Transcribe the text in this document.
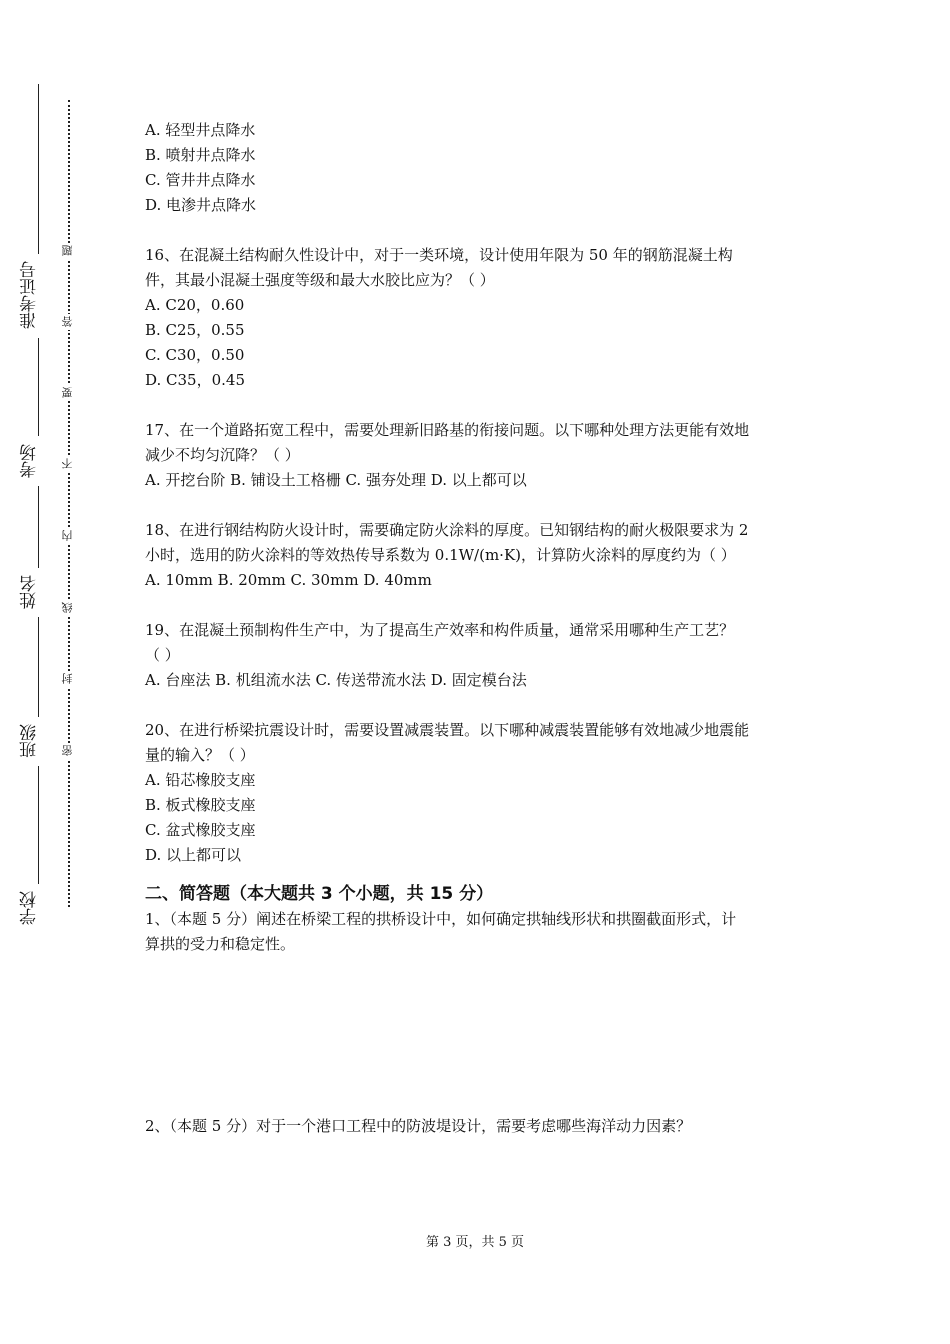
准考证号
考场
姓名
班级
学校
题
答
要
不
内
线
封
密
A. 轻型井点降水
B. 喷射井点降水
C. 管井井点降水
D. 电渗井点降水
16、在混凝土结构耐久性设计中，对于一类环境，设计使用年限为 50 年的钢筋混凝土构
件，其最小混凝土强度等级和最大水胶比应为？（ ）
A. C20，0.60
B. C25，0.55
C. C30，0.50
D. C35，0.45
17、在一个道路拓宽工程中，需要处理新旧路基的衔接问题。以下哪种处理方法更能有效地
减少不均匀沉降？（ ）
A. 开挖台阶 B. 铺设土工格栅 C. 强夯处理 D. 以上都可以
18、在进行钢结构防火设计时，需要确定防火涂料的厚度。已知钢结构的耐火极限要求为 2
小时，选用的防火涂料的等效热传导系数为 0.1W/(m·K)，计算防火涂料的厚度约为（ ）
A. 10mm B. 20mm C. 30mm D. 40mm
19、在混凝土预制构件生产中，为了提高生产效率和构件质量，通常采用哪种生产工艺？
（ ）
A. 台座法 B. 机组流水法 C. 传送带流水法 D. 固定模台法
20、在进行桥梁抗震设计时，需要设置减震装置。以下哪种减震装置能够有效地减少地震能
量的输入？（ ）
A. 铅芯橡胶支座
B. 板式橡胶支座
C. 盆式橡胶支座
D. 以上都可以
二、简答题（本大题共 3 个小题，共 15 分）
1、（本题 5 分）阐述在桥梁工程的拱桥设计中，如何确定拱轴线形状和拱圈截面形式，计
算拱的受力和稳定性。
2、（本题 5 分）对于一个港口工程中的防波堤设计，需要考虑哪些海洋动力因素？
第 3 页，共 5 页
